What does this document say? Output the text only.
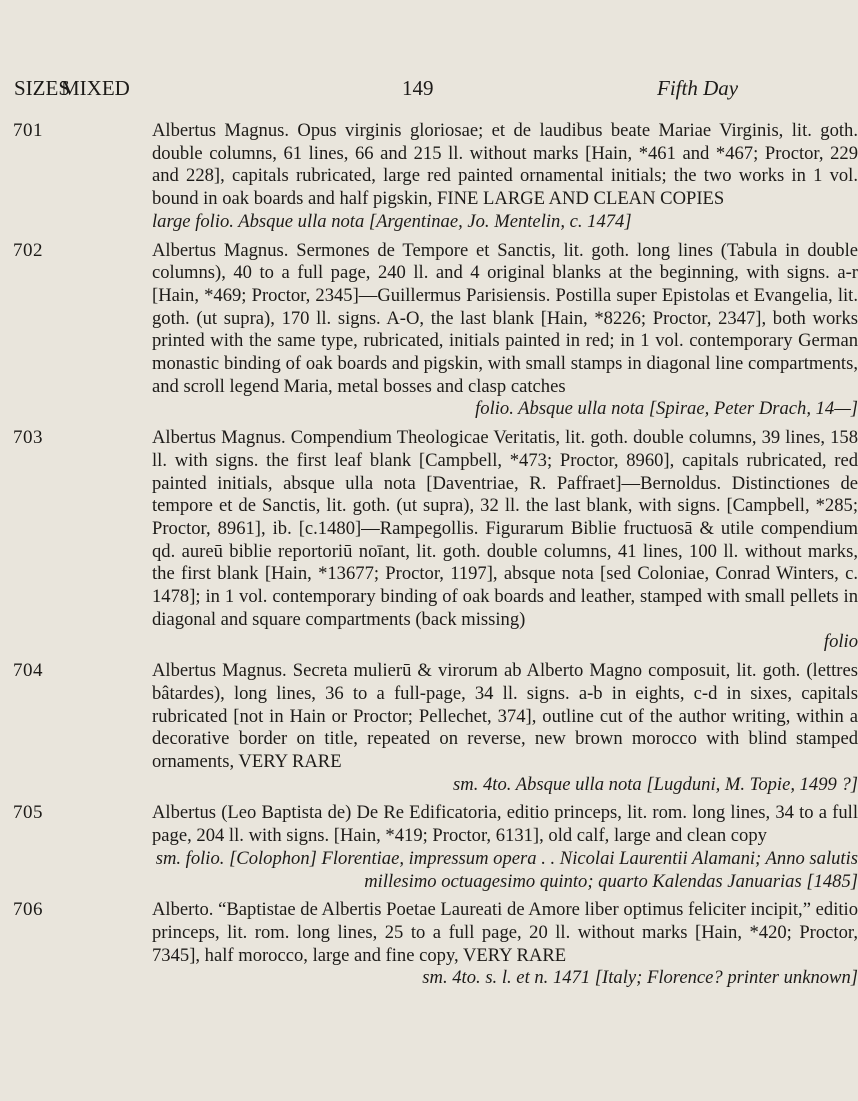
SIZES
MIXED	149	Fifth Day
701	Albertus Magnus. Opus virginis gloriosae; et de laudibus beate Mariae Virginis, lit. goth. double columns, 61 lines, 66 and 215 ll. without marks [Hain, *461 and *467; Proctor, 229 and 228], capitals rubricated, large red painted ornamental initials; the two works in 1 vol. bound in oak boards and half pigskin, FINE LARGE AND CLEAN COPIES

large folio. Absque ulla nota [Argentinae, Jo. Mentelin, c. 1474]

702	Albertus Magnus. Sermones de Tempore et Sanctis, lit. goth. long lines (Tabula in double columns), 40 to a full page, 240 ll. and 4 original blanks at the beginning, with signs. a-r [Hain, *469; Proctor, 2345]—Guillermus Parisiensis. Postilla super Epistolas et Evangelia, lit. goth. (ut supra), 170 ll. signs. A-O, the last blank [Hain, *8226; Proctor, 2347], both works printed with the same type, rubricated, initials painted in red; in 1 vol. contemporary German monastic binding of oak boards and pigskin, with small stamps in diagonal line compartments, and scroll legend Maria, metal bosses and clasp catches

folio. Absque ulla nota [Spirae, Peter Drach, 14—]

703	Albertus Magnus. Compendium Theologicae Veritatis, lit. goth. double columns, 39 lines, 158 ll. with signs. the first leaf blank [Campbell, *473; Proctor, 8960], capitals rubricated, red painted initials, absque ulla nota [Daventriae, R. Paffraet]—Bernoldus. Distinctiones de tempore et de Sanctis, lit. goth. (ut supra), 32 ll. the last blank, with signs. [Campbell, *285; Proctor, 8961], ib. [c.1480]—Rampegollis. Figurarum Biblie fructuosā & utile compendium qd. aureū biblie reportoriū noīant, lit. goth. double columns, 41 lines, 100 ll. without marks, the first blank [Hain, *13677; Proctor, 1197], absque nota [sed Coloniae, Conrad Winters, c. 1478]; in 1 vol. contemporary binding of oak boards and leather, stamped with small pellets in diagonal and square compartments (back missing)

folio

704	Albertus Magnus. Secreta mulierū & virorum ab Alberto Magno composuit, lit. goth. (lettres bâtardes), long lines, 36 to a full-page, 34 ll. signs. a-b in eights, c-d in sixes, capitals rubricated [not in Hain or Proctor; Pellechet, 374], outline cut of the author writing, within a decorative border on title, repeated on reverse, new brown morocco with blind stamped ornaments, VERY RARE

sm. 4to. Absque ulla nota [Lugduni, M. Topie, 1499 ?]

705	Albertus (Leo Baptista de) De Re Edificatoria, editio princeps, lit. rom. long lines, 34 to a full page, 204 ll. with signs. [Hain, *419; Proctor, 6131], old calf, large and clean copy

sm. folio. [Colophon] Florentiae, impressum opera . . Nicolai Laurentii Alamani; Anno salutis millesimo octuagesimo quinto; quarto Kalendas Januarias [1485]

706	Alberto. “Baptistae de Albertis Poetae Laureati de Amore liber optimus feliciter incipit,” editio princeps, lit. rom. long lines, 25 to a full page, 20 ll. without marks [Hain, *420; Proctor, 7345], half morocco, large and fine copy, VERY RARE

sm. 4to. s. l. et n. 1471 [Italy; Florence? printer unknown]
